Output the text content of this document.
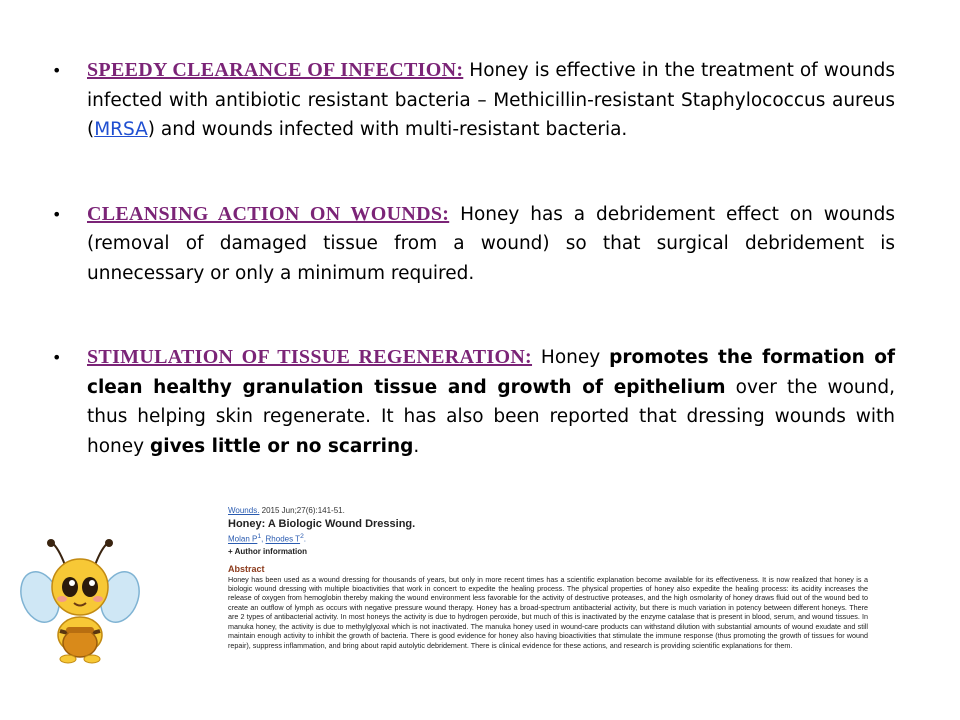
• SPEEDY CLEARANCE OF INFECTION: Honey is effective in the treatment of wounds infected with antibiotic resistant bacteria – Methicillin-resistant Staphylococcus aureus (MRSA) and wounds infected with multi-resistant bacteria.
• CLEANSING ACTION ON WOUNDS: Honey has a debridement effect on wounds (removal of damaged tissue from a wound) so that surgical debridement is unnecessary or only a minimum required.
• STIMULATION OF TISSUE REGENERATION: Honey promotes the formation of clean healthy granulation tissue and growth of epithelium over the wound, thus helping skin regenerate. It has also been reported that dressing wounds with honey gives little or no scarring.
Wounds. 2015 Jun;27(6):141-51.
Honey: A Biologic Wound Dressing.
Molan $P^1$, Rhodes $T^2$.
+ Author information
Abstract
Honey has been used as a wound dressing for thousands of years, but only in more recent times has a scientific explanation become available for its effectiveness. It is now realized that honey is a biologic wound dressing with multiple bioactivities that work in concert to expedite the healing process. The physical properties of honey also expedite the healing process: its acidity increases the release of oxygen from hemoglobin thereby making the wound environment less favorable for the activity of destructive proteases, and the high osmolarity of honey draws fluid out of the wound bed to create an outflow of lymph as occurs with negative pressure wound therapy. Honey has a broad-spectrum antibacterial activity, but there is much variation in potency between different honeys. There are 2 types of antibacterial activity. In most honeys the activity is due to hydrogen peroxide, but much of this is inactivated by the enzyme catalase that is present in blood, serum, and wound tissues. In manuka honey, the activity is due to methylglyoxal which is not inactivated. The manuka honey used in wound-care products can withstand dilution with substantial amounts of wound exudate and still maintain enough activity to inhibit the growth of bacteria. There is good evidence for honey also having bioactivities that stimulate the immune response (thus promoting the growth of tissues for wound repair), suppress inflammation, and bring about rapid autolytic debridement. There is clinical evidence for these actions, and research is providing scientific explanations for them.
